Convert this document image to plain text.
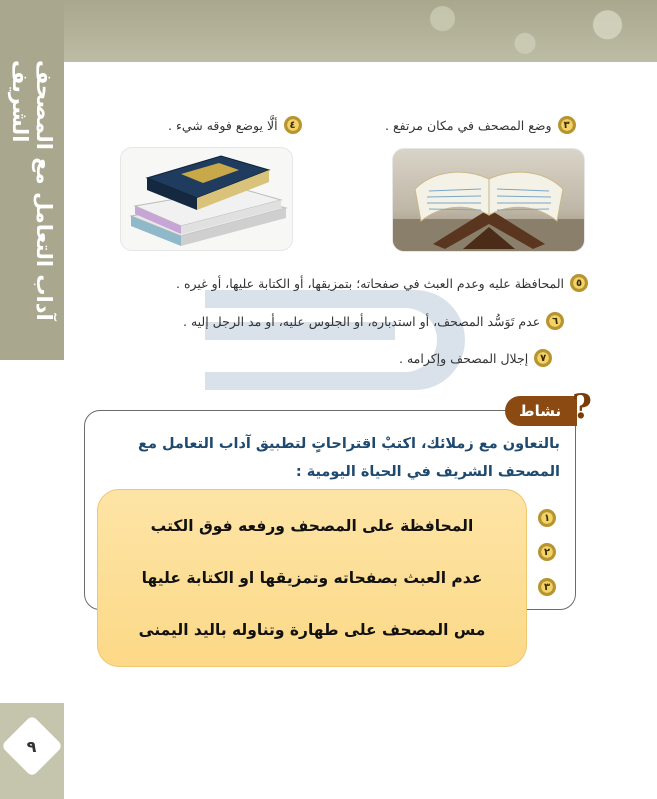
آداب التعامل مع المصحف الشريف	٣
وضع المصحف في مكان مرتفع .
٤
ألَّا يوضع فوقه شيء .
٥
المحافظة عليه وعدم العبث في صفحاته؛ بتمزيقها، أو الكتابة عليها، أو غيره .
٦
عدم تَوَسُّد المصحف، أو استدباره، أو الجلوس عليه، أو مد الرجل إليه .
٧
إجلال المصحف وإكرامه .
نشاط ?
بالتعاون مع زملائك، اكتبْ اقتراحاتٍ لتطبيق آداب التعامل مع المصحف الشريف في الحياة اليومية :
١
٢
٣
المحافظة على المصحف ورفعه فوق الكتب
عدم العبث بصفحاته وتمزيقها او الكتابة عليها
مس المصحف على طهارة وتناوله باليد اليمنى
٩
